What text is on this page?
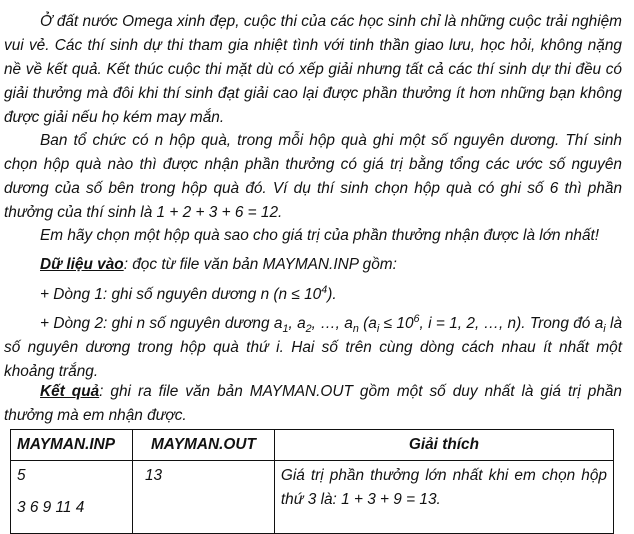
Ở đất nước Omega xinh đẹp, cuộc thi của các học sinh chỉ là những cuộc trải nghiệm vui vẻ. Các thí sinh dự thi tham gia nhiệt tình với tinh thần giao lưu, học hỏi, không nặng nề về kết quả. Kết thúc cuộc thi mặt dù có xếp giải nhưng tất cả các thí sinh dự thi đều có giải thưởng mà đôi khi thí sinh đạt giải cao lại được phần thưởng ít hơn những bạn không được giải nếu họ kém may mắn.

Ban tổ chức có n hộp quà, trong mỗi hộp quà ghi một số nguyên dương. Thí sinh chọn hộp quà nào thì được nhận phần thưởng có giá trị bằng tổng các ước số nguyên dương của số bên trong hộp quà đó. Ví dụ thí sinh chọn hộp quà có ghi số 6 thì phần thưởng của thí sinh là 1 + 2 + 3 + 6 = 12.

Em hãy chọn một hộp quà sao cho giá trị của phần thưởng nhận được là lớn nhất!

Dữ liệu vào: đọc từ file văn bản MAYMAN.INP gồm:

+ Dòng 1: ghi số nguyên dương n $(n \le 10^4)$.

+ Dòng 2: ghi n số nguyên dương $a_1$, $a_2$, …, $a_n$ ($a_i \le 10^6$, i = 1, 2, …, n). Trong đó $a_i$ là số nguyên dương trong hộp quà thứ i. Hai số trên cùng dòng cách nhau ít nhất một khoảng trắng.

Kết quả: ghi ra file văn bản MAYMAN.OUT gồm một số duy nhất là giá trị phần thưởng mà em nhận được.

MAYMAN.INP	MAYMAN.OUT	Giải thích

5
3 6 9 11 4	13	Giá trị phần thưởng lớn nhất khi em chọn hộp thứ 3 là: 1 + 3 + 9 = 13.
